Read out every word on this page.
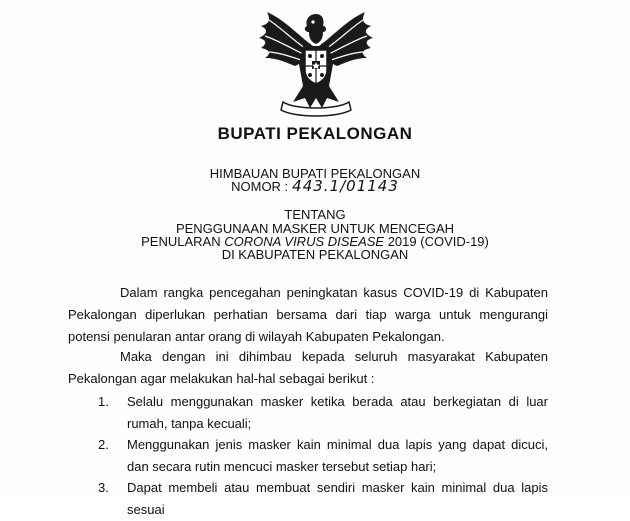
BUPATI PEKALONGAN
HIMBAUAN BUPATI PEKALONGAN
NOMOR : 443.1/01143
TENTANG
PENGGUNAAN MASKER UNTUK MENCEGAH
PENULARAN CORONA VIRUS DISEASE 2019 (COVID-19)
DI KABUPATEN PEKALONGAN

Dalam rangka pencegahan peningkatan kasus COVID-19 di Kabupaten Pekalongan diperlukan perhatian bersama dari tiap warga untuk mengurangi potensi penularan antar orang di wilayah Kabupaten Pekalongan.

Maka dengan ini dihimbau kepada seluruh masyarakat Kabupaten Pekalongan agar melakukan hal-hal sebagai berikut :

1. Selalu menggunakan masker ketika berada atau berkegiatan di luar rumah, tanpa kecuali;
2. Menggunakan jenis masker kain minimal dua lapis yang dapat dicuci, dan secara rutin mencuci masker tersebut setiap hari;
3. Dapat membeli atau membuat sendiri masker kain minimal dua lapis sesuai
